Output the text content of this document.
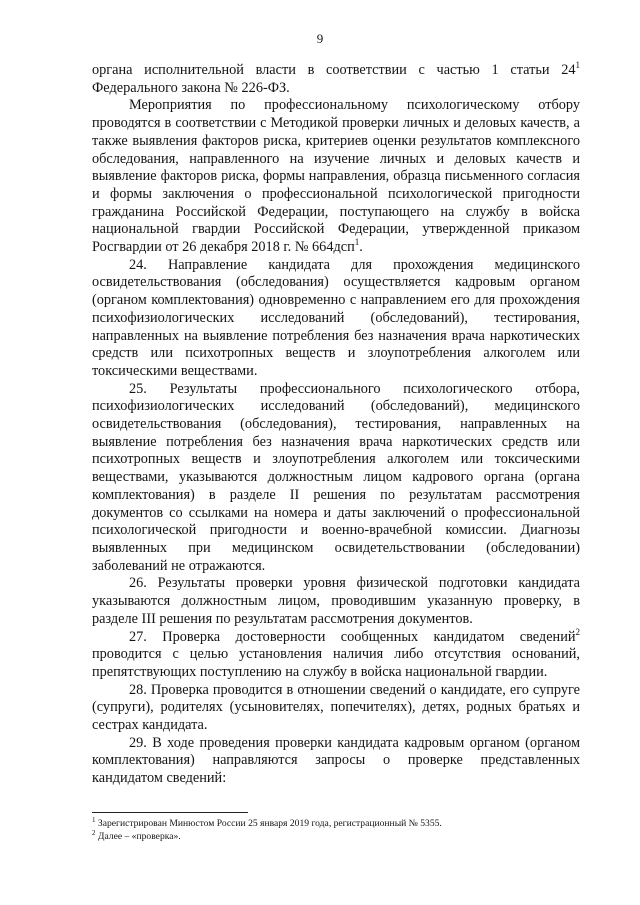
9

органа исполнительной власти в соответствии с частью 1 статьи $24^1$ Федерального закона № 226-ФЗ.

Мероприятия по профессиональному психологическому отбору проводятся в соответствии с Методикой проверки личных и деловых качеств, а также выявления факторов риска, критериев оценки результатов комплексного обследования, направленного на изучение личных и деловых качеств и выявление факторов риска, формы направления, образца письменного согласия и формы заключения о профессиональной психологической пригодности гражданина Российской Федерации, поступающего на службу в войска национальной гвардии Российской Федерации, утвержденной приказом Росгвардии от 26 декабря 2018 г. № 664дсп$^1$.

24. Направление кандидата для прохождения медицинского освидетельствования (обследования) осуществляется кадровым органом (органом комплектования) одновременно с направлением его для прохождения психофизиологических исследований (обследований), тестирования, направленных на выявление потребления без назначения врача наркотических средств или психотропных веществ и злоупотребления алкоголем или токсическими веществами.

25. Результаты профессионального психологического отбора, психофизиологических исследований (обследований), медицинского освидетельствования (обследования), тестирования, направленных на выявление потребления без назначения врача наркотических средств или психотропных веществ и злоупотребления алкоголем или токсическими веществами, указываются должностным лицом кадрового органа (органа комплектования) в разделе II решения по результатам рассмотрения документов со ссылками на номера и даты заключений о профессиональной психологической пригодности и военно-врачебной комиссии. Диагнозы выявленных при медицинском освидетельствовании (обследовании) заболеваний не отражаются.

26. Результаты проверки уровня физической подготовки кандидата указываются должностным лицом, проводившим указанную проверку, в разделе III решения по результатам рассмотрения документов.

27. Проверка достоверности сообщенных кандидатом сведений$^2$ проводится с целью установления наличия либо отсутствия оснований, препятствующих поступлению на службу в войска национальной гвардии.

28. Проверка проводится в отношении сведений о кандидате, его супруге (супруги), родителях (усыновителях, попечителях), детях, родных братьях и сестрах кандидата.

29. В ходе проведения проверки кандидата кадровым органом (органом комплектования) направляются запросы о проверке представленных кандидатом сведений:

$^1$ Зарегистрирован Минюстом России 25 января 2019 года, регистрационный № 5355.
$^2$ Далее – «проверка».
